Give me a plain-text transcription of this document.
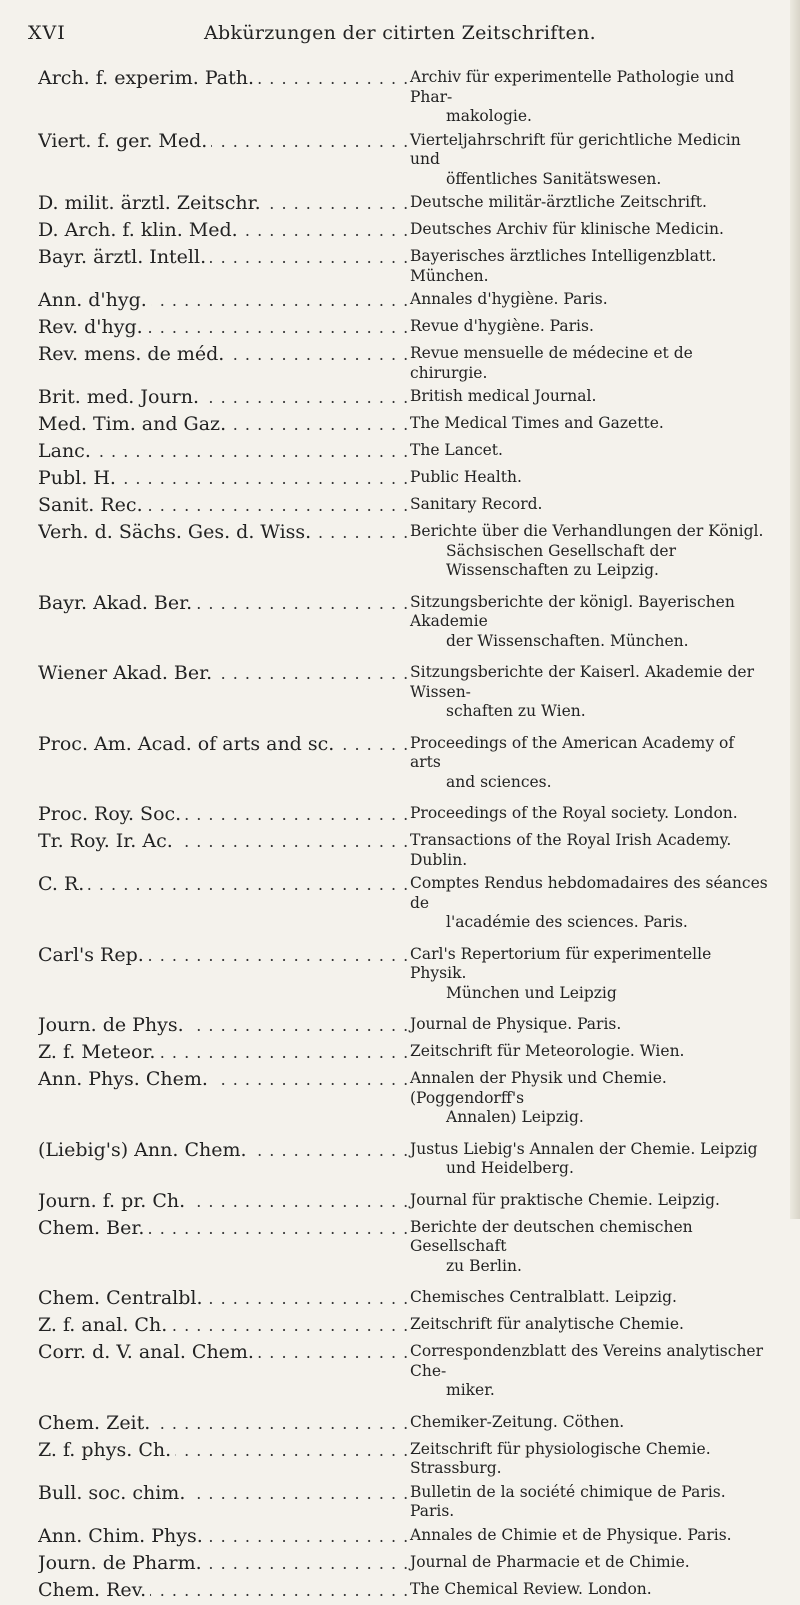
XVI	Abkürzungen der citirten Zeitschriften.
Arch. f. experim. Path. . . .	Archiv für experimentelle Pathologie und Phar-
makologie.
Viert. f. ger. Med. . . .	Vierteljahrschrift für gerichtliche Medicin und
öffentliches Sanitätswesen.
D. milit. ärztl. Zeitschr. . . .	Deutsche militär-ärztliche Zeitschrift.
D. Arch. f. klin. Med. . . .	Deutsches Archiv für klinische Medicin.
Bayr. ärztl. Intell. . . .	Bayerisches ärztliches Intelligenzblatt. München.
Ann. d'hyg. . . .	Annales d'hygiène. Paris.
Rev. d'hyg. . . .	Revue d'hygiène. Paris.
Rev. mens. de méd. . . .	Revue mensuelle de médecine et de chirurgie.
Brit. med. Journ. . . .	British medical Journal.
Med. Tim. and Gaz. . . .	The Medical Times and Gazette.
Lanc. . . .	The Lancet.
Publ. H. . . .	Public Health.
Sanit. Rec. . . .	Sanitary Record.
Verh. d. Sächs. Ges. d. Wiss. . . .	Berichte über die Verhandlungen der Königl.
Sächsischen Gesellschaft der Wissenschaften zu Leipzig.
Bayr. Akad. Ber. . . .	Sitzungsberichte der königl. Bayerischen Akademie
der Wissenschaften. München.
Wiener Akad. Ber. . . .	Sitzungsberichte der Kaiserl. Akademie der Wissen-
schaften zu Wien.
Proc. Am. Acad. of arts and sc. . . .	Proceedings of the American Academy of arts
and sciences.
Proc. Roy. Soc. . . .	Proceedings of the Royal society. London.
Tr. Roy. Ir. Ac. . . .	Transactions of the Royal Irish Academy. Dublin.
C. R. . . .	Comptes Rendus hebdomadaires des séances de
l'académie des sciences. Paris.
Carl's Rep. . . .	Carl's Repertorium für experimentelle Physik.
München und Leipzig
Journ. de Phys. . . .	Journal de Physique. Paris.
Z. f. Meteor. . . .	Zeitschrift für Meteorologie. Wien.
Ann. Phys. Chem. . . .	Annalen der Physik und Chemie. (Poggendorff's
Annalen) Leipzig.
(Liebig's) Ann. Chem. . . .	Justus Liebig's Annalen der Chemie. Leipzig
und Heidelberg.
Journ. f. pr. Ch. . . .	Journal für praktische Chemie. Leipzig.
Chem. Ber. . . .	Berichte der deutschen chemischen Gesellschaft
zu Berlin.
Chem. Centralbl. . . .	Chemisches Centralblatt. Leipzig.
Z. f. anal. Ch. . . .	Zeitschrift für analytische Chemie.
Corr. d. V. anal. Chem. . . .	Correspondenzblatt des Vereins analytischer Che-
miker.
Chem. Zeit. . . .	Chemiker-Zeitung. Cöthen.
Z. f. phys. Ch. . . .	Zeitschrift für physiologische Chemie. Strassburg.
Bull. soc. chim. . . .	Bulletin de la société chimique de Paris. Paris.
Ann. Chim. Phys. . . .	Annales de Chimie et de Physique. Paris.
Journ. de Pharm. . . .	Journal de Pharmacie et de Chimie.
Chem. Rev. . . .	The Chemical Review. London.
